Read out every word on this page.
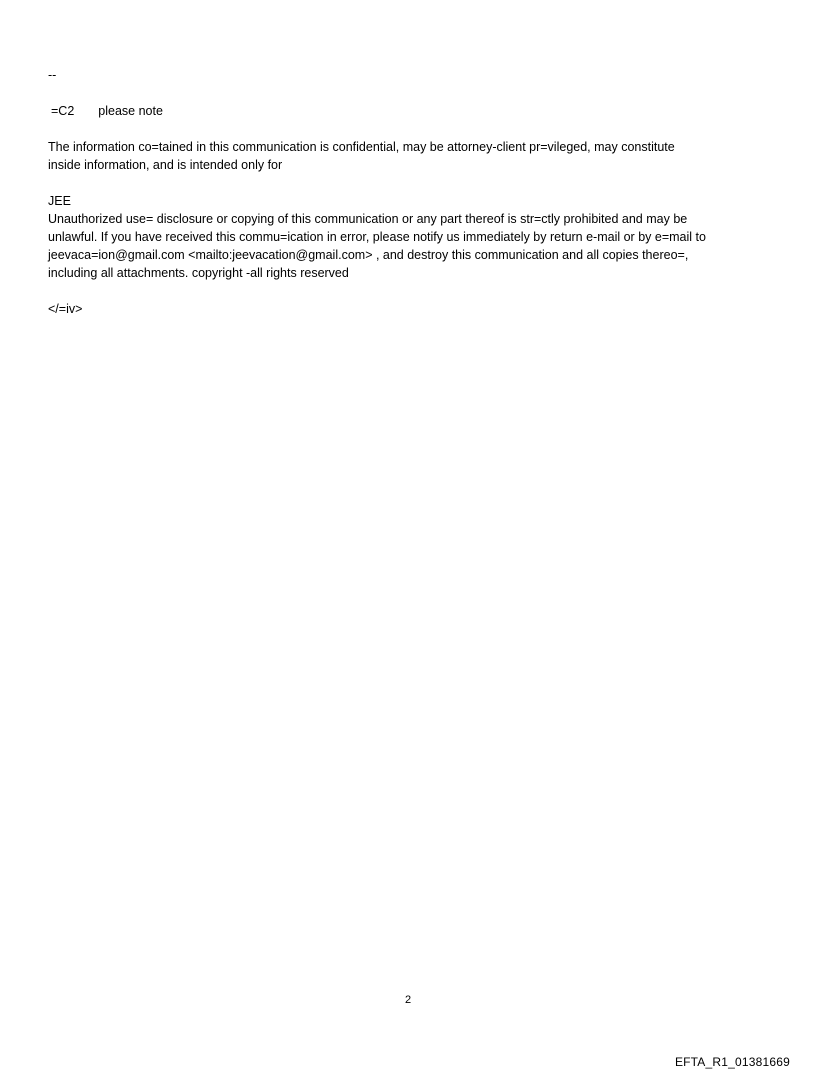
--
=C2 please note
The information co=tained in this communication is confidential, may be attorney-client pr=vileged, may constitute
inside information, and is intended only for
JEE
Unauthorized use= disclosure or copying of this communication or any part thereof is str=ctly prohibited and may be
unlawful. If you have received this commu=ication in error, please notify us immediately by return e-mail or by e=mail to
jeevaca=ion@gmail.com <mailto:jeevacation@gmail.com> , and destroy this communication and all copies thereo=,
including all attachments. copyright -all rights reserved
</=iv>
2
EFTA_R1_01381669
